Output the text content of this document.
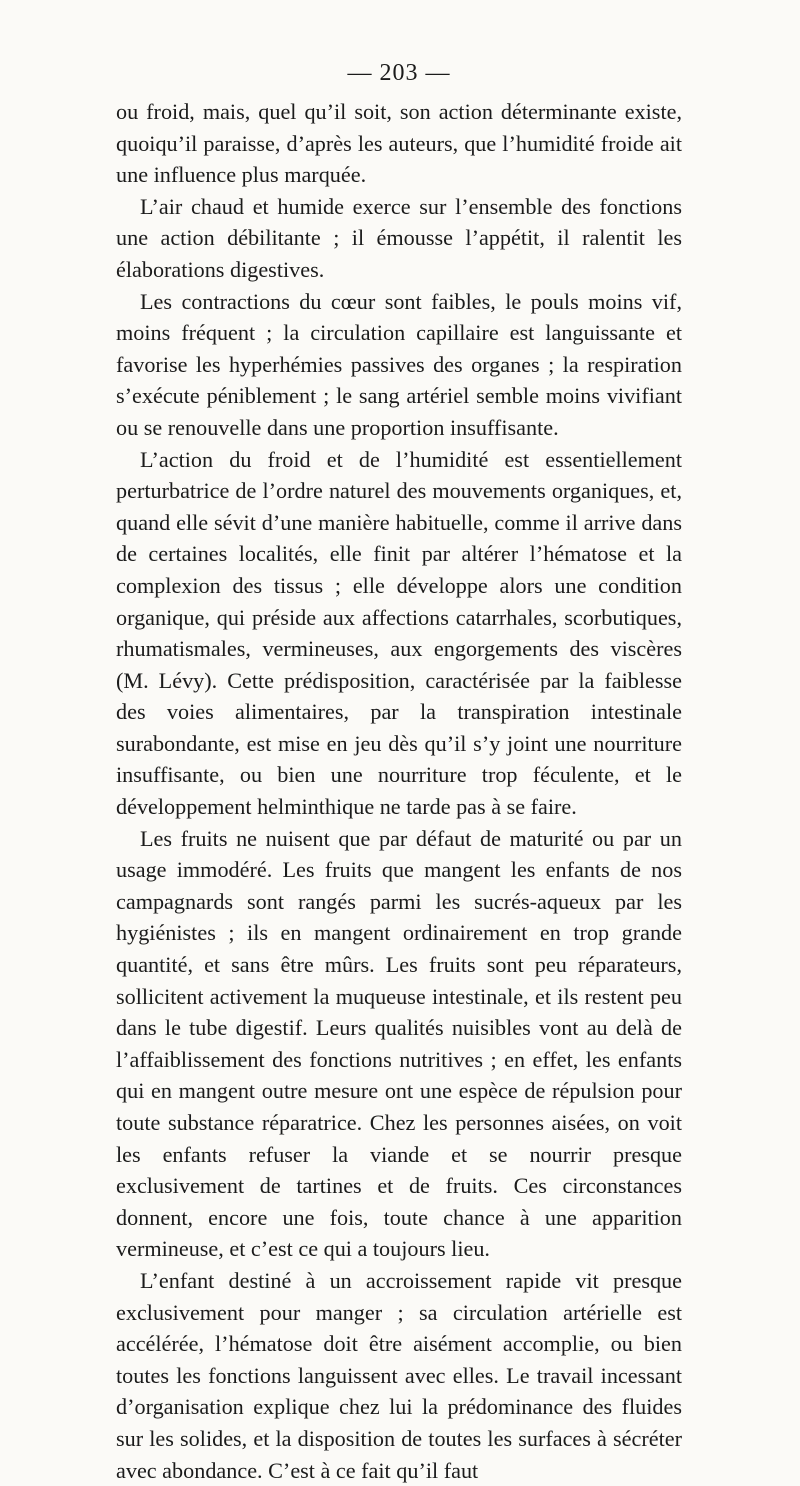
— 203 —

ou froid, mais, quel qu’il soit, son action déterminante existe, quoiqu’il paraisse, d’après les auteurs, que l’humidité froide ait une influence plus marquée.

L’air chaud et humide exerce sur l’ensemble des fonctions une action débilitante ; il émousse l’appétit, il ralentit les élaborations digestives.

Les contractions du cœur sont faibles, le pouls moins vif, moins fréquent ; la circulation capillaire est languissante et favorise les hyperhémies passives des organes ; la respiration s’exécute péniblement ; le sang artériel semble moins vivifiant ou se renouvelle dans une proportion insuffisante.

L’action du froid et de l’humidité est essentiellement perturbatrice de l’ordre naturel des mouvements organiques, et, quand elle sévit d’une manière habituelle, comme il arrive dans de certaines localités, elle finit par altérer l’hématose et la complexion des tissus ; elle développe alors une condition organique, qui préside aux affections catarrhales, scorbutiques, rhumatismales, vermineuses, aux engorgements des viscères (M. Lévy). Cette prédisposition, caractérisée par la faiblesse des voies alimentaires, par la transpiration intestinale surabondante, est mise en jeu dès qu’il s’y joint une nourriture insuffisante, ou bien une nourriture trop féculente, et le développement helminthique ne tarde pas à se faire.

Les fruits ne nuisent que par défaut de maturité ou par un usage immodéré. Les fruits que mangent les enfants de nos campagnards sont rangés parmi les sucrés-aqueux par les hygiénistes ; ils en mangent ordinairement en trop grande quantité, et sans être mûrs. Les fruits sont peu réparateurs, sollicitent activement la muqueuse intestinale, et ils restent peu dans le tube digestif. Leurs qualités nuisibles vont au delà de l’affaiblissement des fonctions nutritives ; en effet, les enfants qui en mangent outre mesure ont une espèce de répulsion pour toute substance réparatrice. Chez les personnes aisées, on voit les enfants refuser la viande et se nourrir presque exclusivement de tartines et de fruits. Ces circonstances donnent, encore une fois, toute chance à une apparition vermineuse, et c’est ce qui a toujours lieu.

L’enfant destiné à un accroissement rapide vit presque exclusivement pour manger ; sa circulation artérielle est accélérée, l’hématose doit être aisément accomplie, ou bien toutes les fonctions languissent avec elles. Le travail incessant d’organisation explique chez lui la prédominance des fluides sur les solides, et la disposition de toutes les surfaces à sécréter avec abondance. C’est à ce fait qu’il faut
